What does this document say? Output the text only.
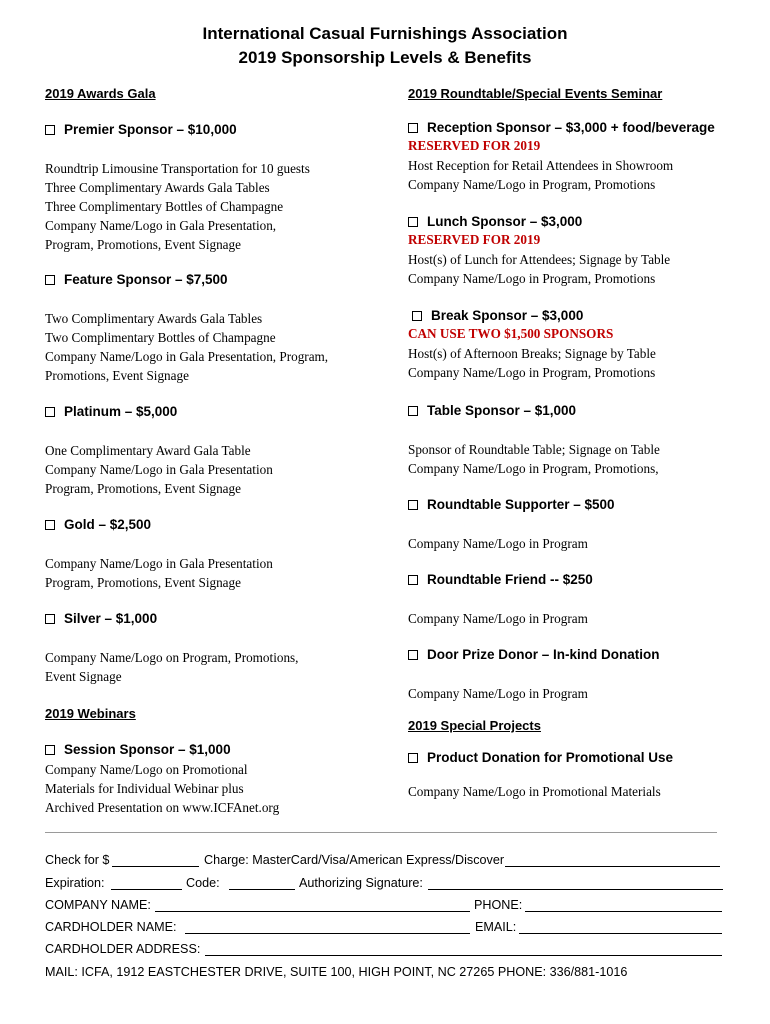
International Casual Furnishings Association
2019 Sponsorship Levels & Benefits
2019 Awards Gala
Premier Sponsor – $10,000
Roundtrip Limousine Transportation for 10 guests
Three Complimentary Awards Gala Tables
Three Complimentary Bottles of Champagne
Company Name/Logo in Gala Presentation,
Program, Promotions, Event Signage
Feature Sponsor – $7,500
Two Complimentary Awards Gala Tables
Two Complimentary Bottles of Champagne
Company Name/Logo in Gala Presentation, Program,
Promotions, Event Signage
Platinum – $5,000
One Complimentary Award Gala Table
Company Name/Logo in Gala Presentation
Program, Promotions, Event Signage
Gold – $2,500
Company Name/Logo in Gala Presentation
Program, Promotions, Event Signage
Silver – $1,000
Company Name/Logo on Program, Promotions,
Event Signage
2019 Webinars
Session Sponsor – $1,000
Company Name/Logo on Promotional
Materials for Individual Webinar plus
Archived Presentation on www.ICFAnet.org
2019 Roundtable/Special Events Seminar
Reception Sponsor – $3,000 + food/beverage
RESERVED FOR 2019
Host Reception for Retail Attendees in Showroom
Company Name/Logo in Program, Promotions
Lunch Sponsor – $3,000
RESERVED FOR 2019
Host(s) of Lunch for Attendees; Signage by Table
Company Name/Logo in Program, Promotions
Break Sponsor – $3,000
CAN USE TWO $1,500 SPONSORS
Host(s) of Afternoon Breaks; Signage by Table
Company Name/Logo in Program, Promotions
Table Sponsor – $1,000
Sponsor of Roundtable Table; Signage on Table
Company Name/Logo in Program, Promotions,
Roundtable Supporter – $500
Company Name/Logo in Program
Roundtable Friend -- $250
Company Name/Logo in Program
Door Prize Donor – In-kind Donation
Company Name/Logo in Program
2019 Special Projects
Product Donation for Promotional Use
Company Name/Logo in Promotional Materials
Check for $	Charge: MasterCard/Visa/American Express/Discover
Expiration:	Code:	Authorizing Signature:
COMPANY NAME:	PHONE:
CARDHOLDER NAME:	EMAIL:
CARDHOLDER ADDRESS:
MAIL: ICFA, 1912 EASTCHESTER DRIVE, SUITE 100, HIGH POINT, NC 27265 PHONE: 336/881-1016
